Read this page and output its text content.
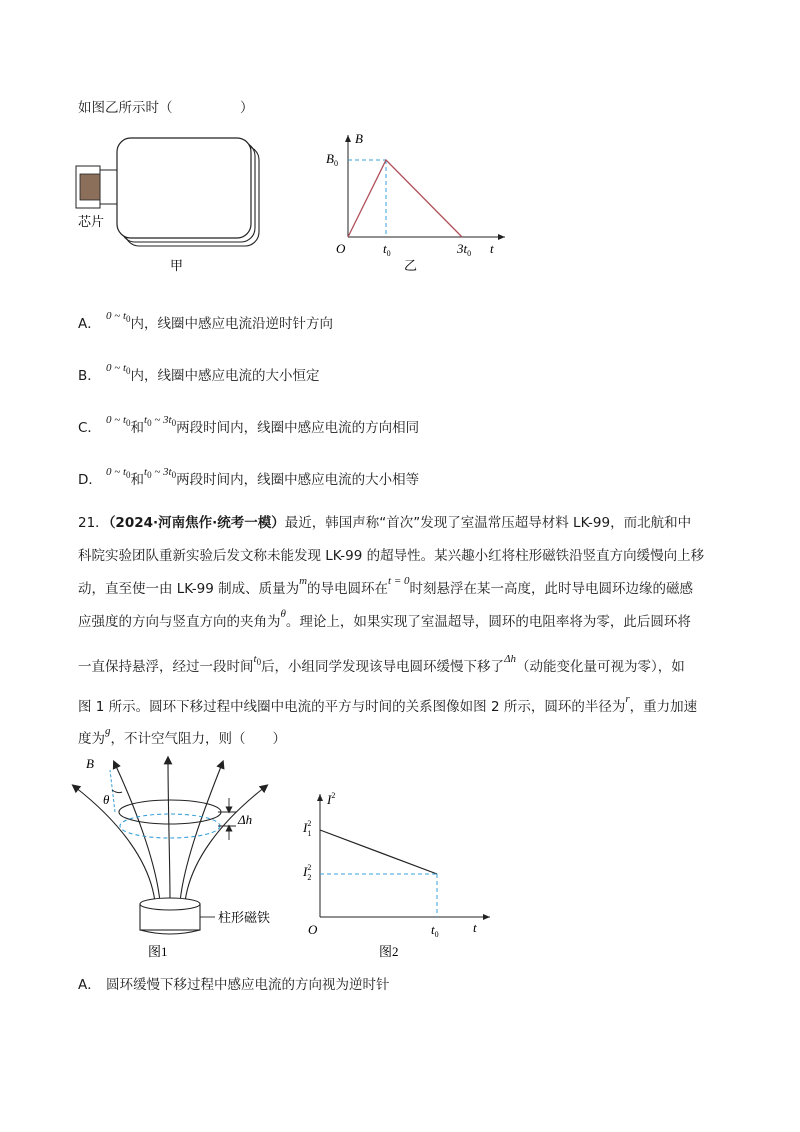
如图乙所示时（　　　　　）
芯片
甲
B
$B_0$
O	$t_0$	$3t_0$ t
乙
A． $^{0 \sim t_0}$内，线圈中感应电流沿逆时针方向
B． $^{0 \sim t_0}$内，线圈中感应电流的大小恒定
C． $^{0 \sim t_0}$和$^{t_0 \sim 3t_0}$两段时间内，线圈中感应电流的方向相同
D． $^{0 \sim t_0}$和$^{t_0 \sim 3t_0}$两段时间内，线圈中感应电流的大小相等
21．（2024·河南焦作·统考一模）最近，韩国声称“首次”发现了室温常压超导材料 LK-99，而北航和中
科院实验团队重新实验后发文称未能发现 LK-99 的超导性。某兴趣小红将柱形磁铁沿竖直方向缓慢向上移
动，直至使一由 LK-99 制成、质量为$^m$的导电圆环在$^{t = 0}$时刻悬浮在某一高度，此时导电圆环边缘的磁感
应强度的方向与竖直方向的夹角为$^\theta$。理论上，如果实现了室温超导，圆环的电阻率将为零，此后圆环将
一直保持悬浮，经过一段时间$^{t_0}$后，小组同学发现该导电圆环缓慢下移了$^{\Delta h}$（动能变化量可视为零），如
图 1 所示。圆环下移过程中线圈中电流的平方与时间的关系图像如图 2 所示，圆环的半径为$^r$，重力加速
度为$^g$，不计空气阻力，则（　　）
B
θ
Δh
柱形磁铁
图1
$I^2$
$I^2$ 1
$I^2$ 2
O	$t_0$	t
图2
A． 圆环缓慢下移过程中感应电流的方向视为逆时针
